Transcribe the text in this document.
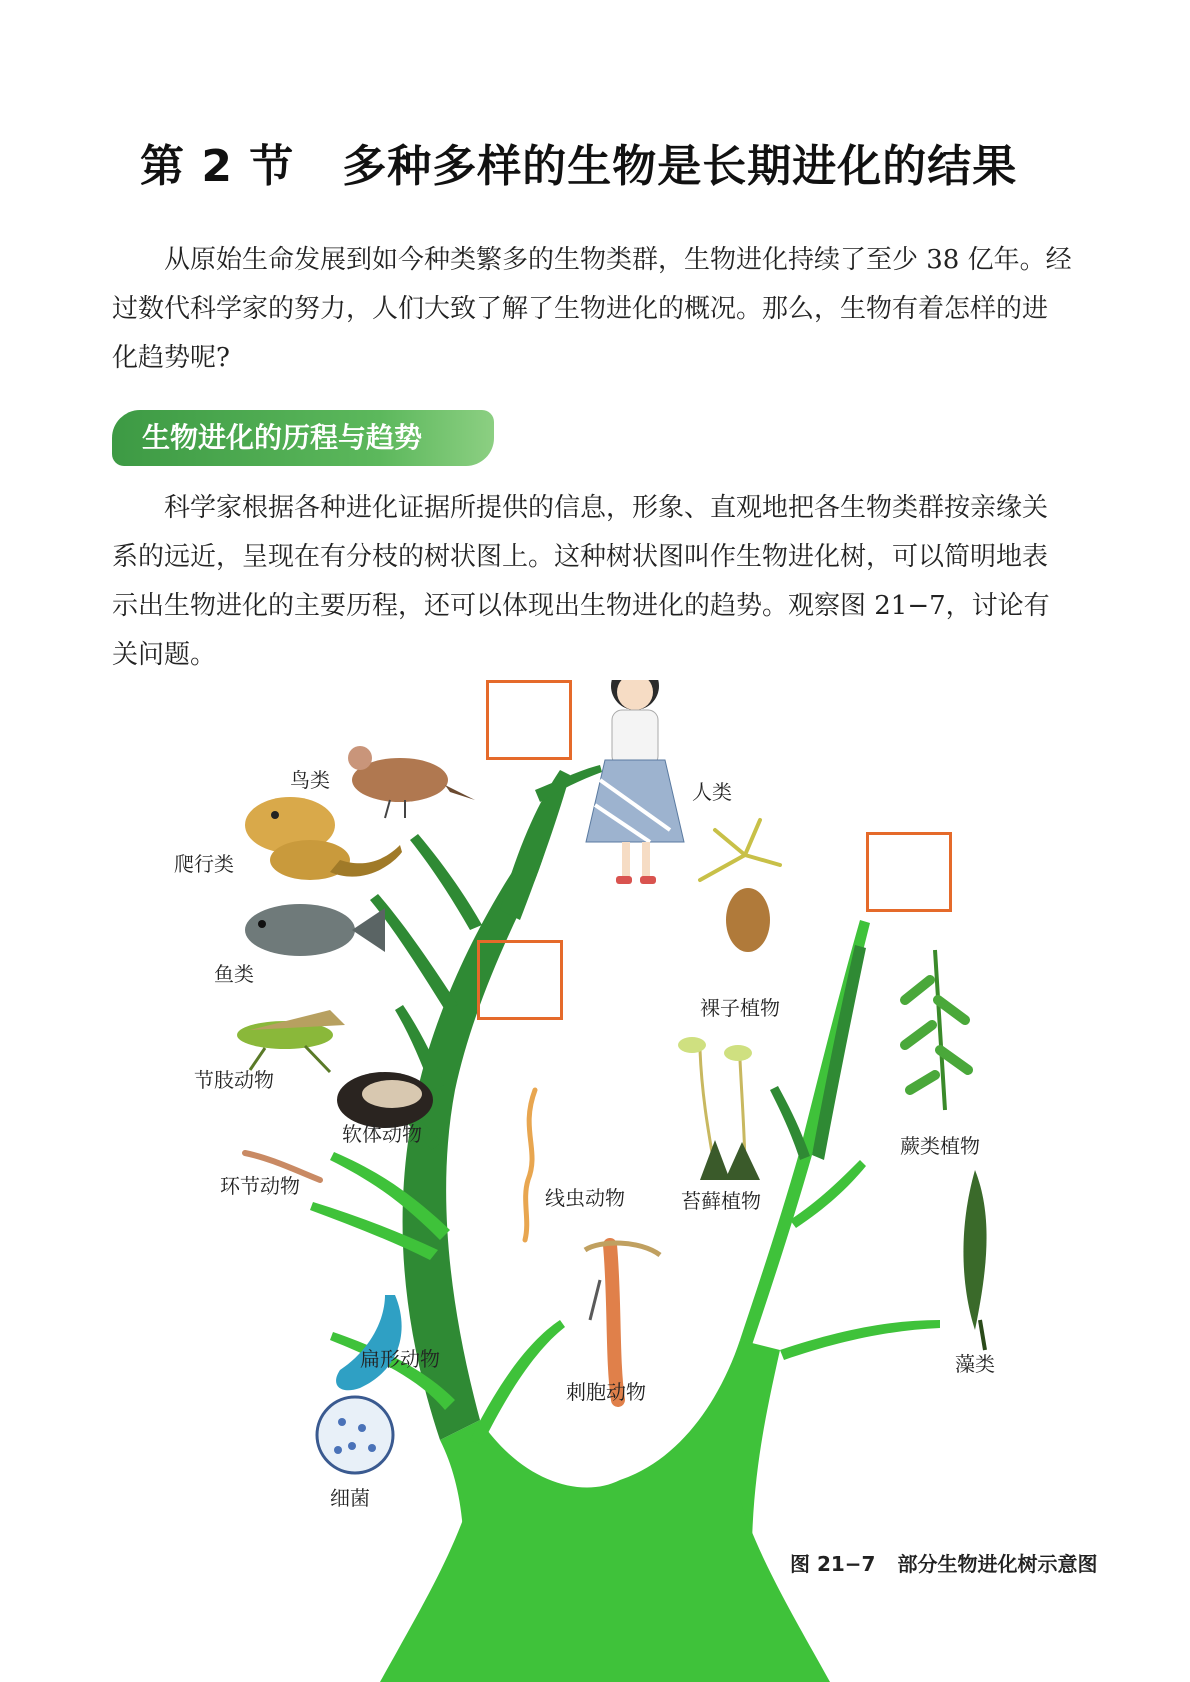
第 2 节 多种多样的生物是长期进化的结果

从原始生命发展到如今种类繁多的生物类群，生物进化持续了至少 38 亿年。经过数代科学家的努力，人们大致了解了生物进化的概况。那么，生物有着怎样的进化趋势呢?

生物进化的历程与趋势

科学家根据各种进化证据所提供的信息，形象、直观地把各生物类群按亲缘关系的远近，呈现在有分枝的树状图上。这种树状图叫作生物进化树，可以简明地表示出生物进化的主要历程，还可以体现出生物进化的趋势。观察图 21−7，讨论有关问题。

人类
鸟类
爬行类
鱼类
节肢动物
软体动物
环节动物	线虫动物
扁形动物
刺胞动物
细菌
裸子植物
苔藓植物
蕨类植物
藻类
图 21−7 部分生物进化树示意图
